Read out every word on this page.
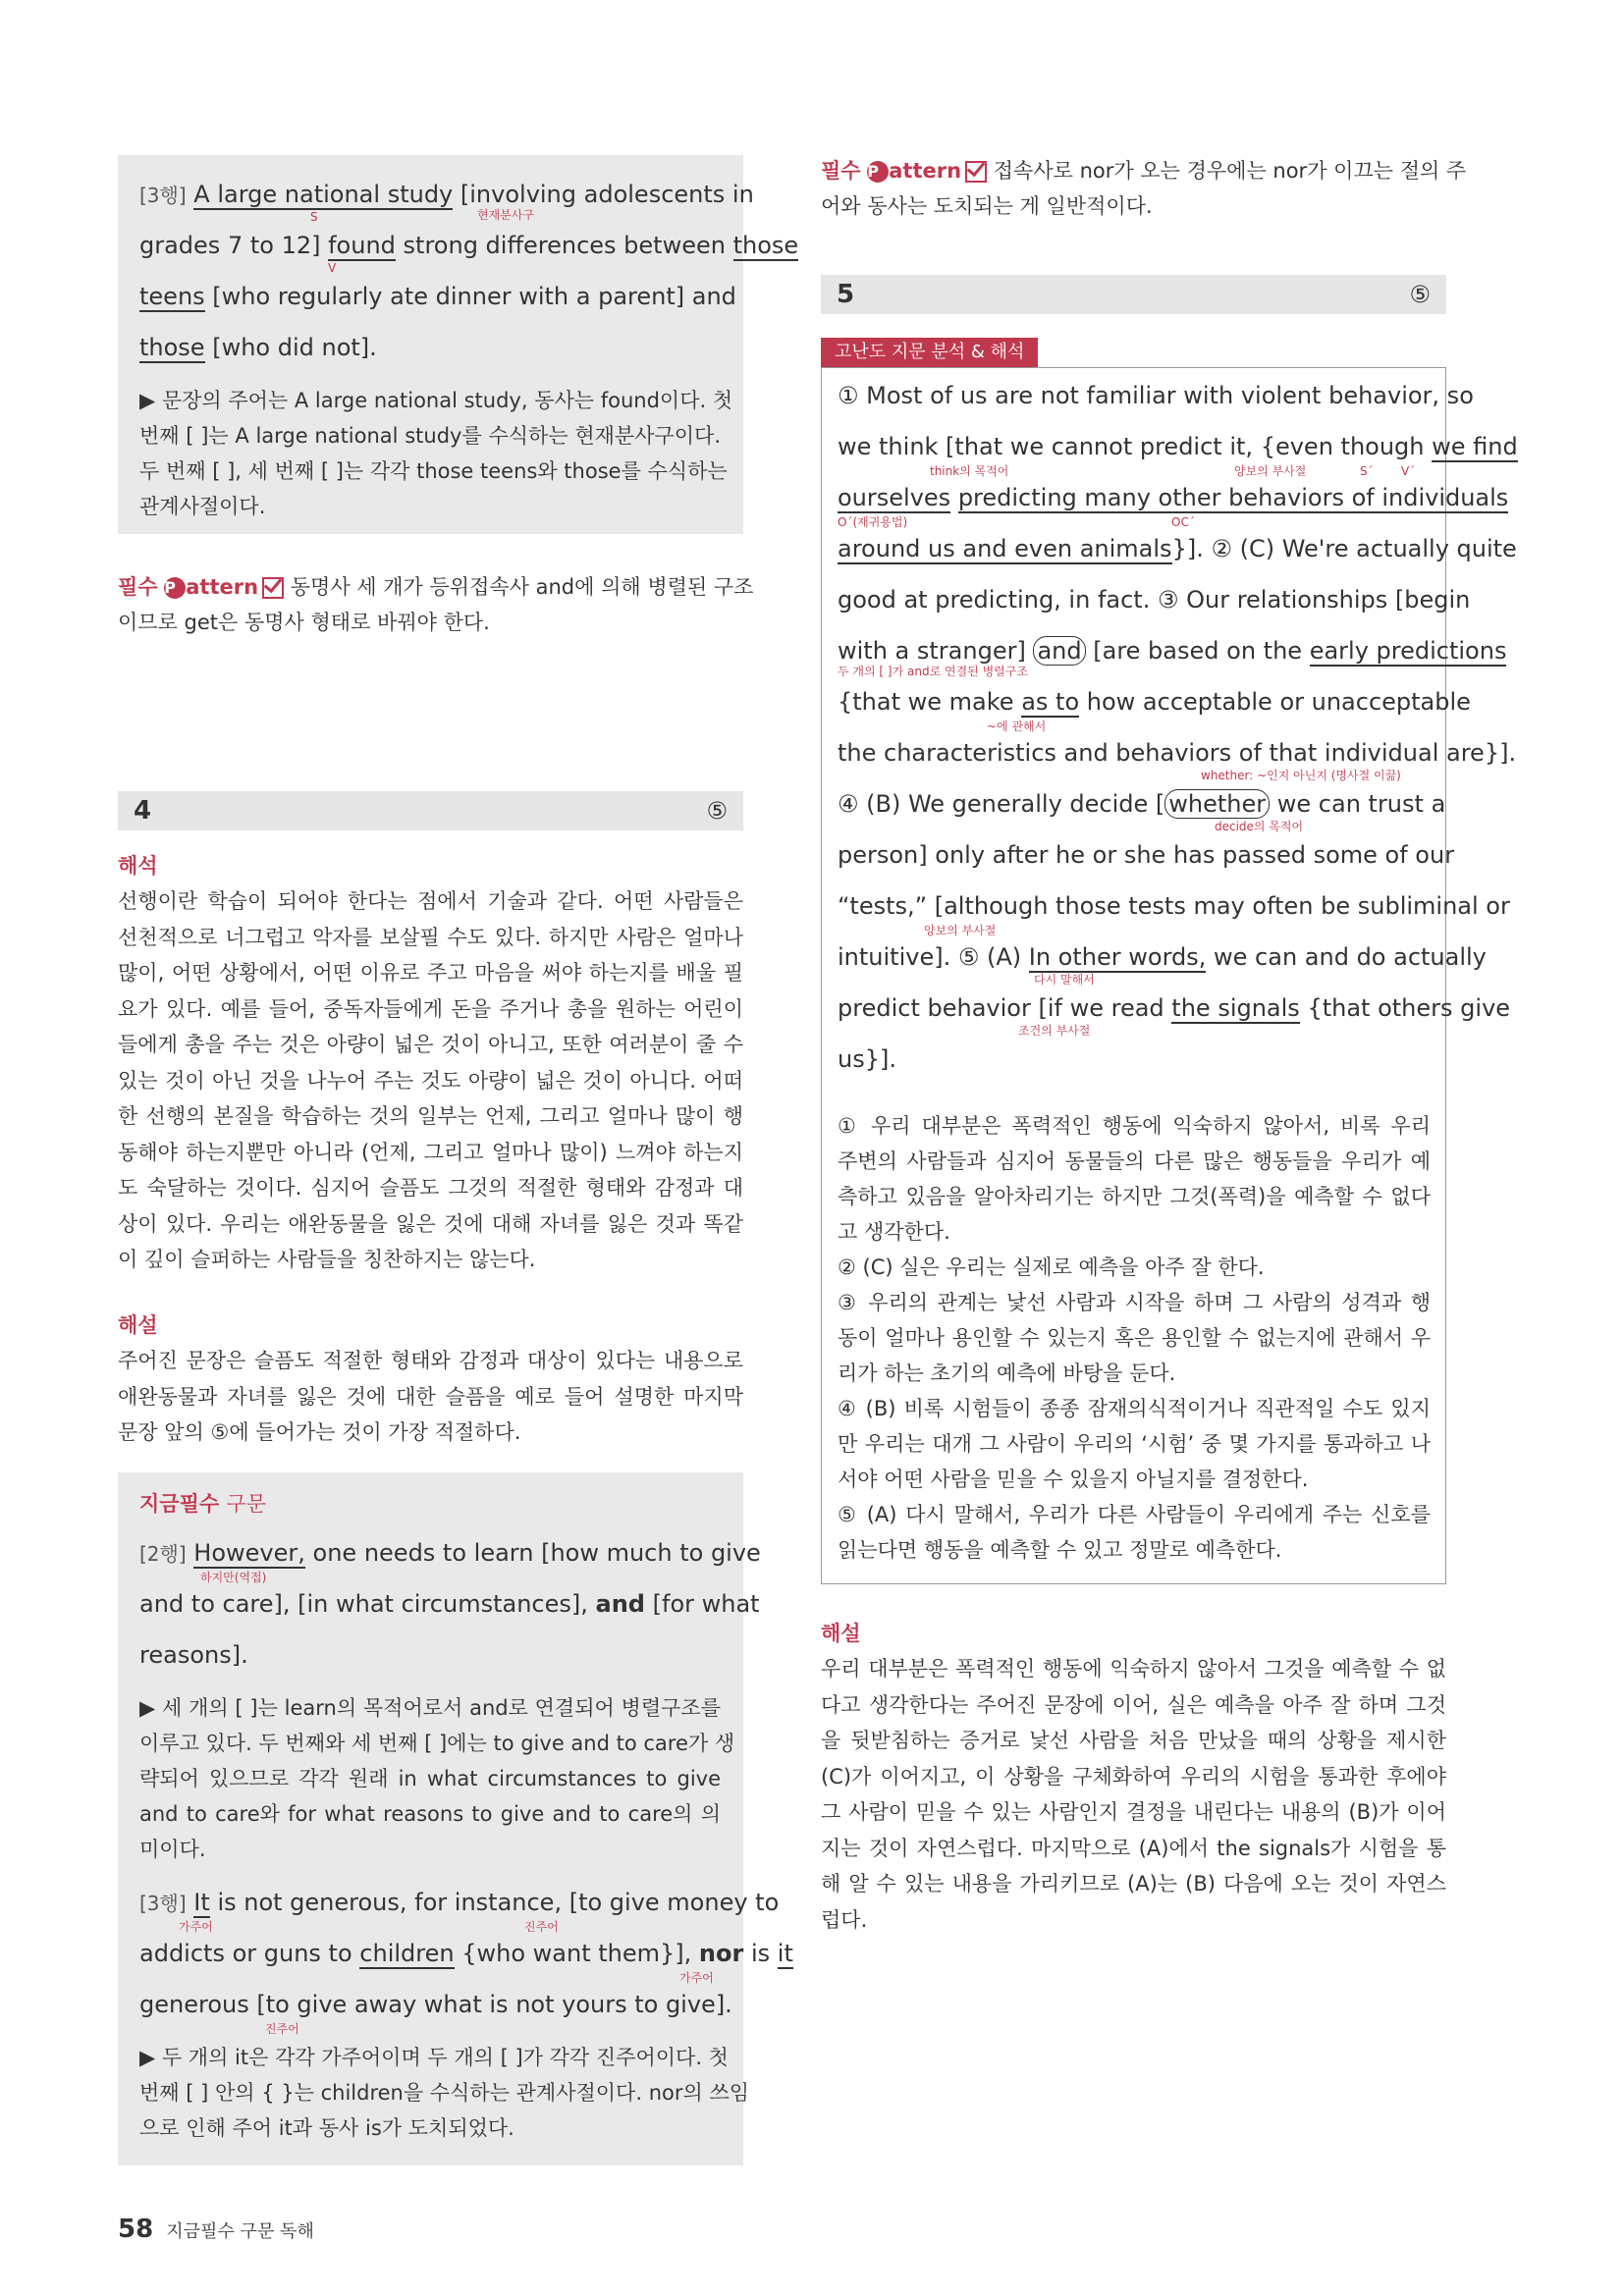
[3행] A large national study [involving adolescents in
S	현재분사구
grades 7 to 12] found strong differences between those
V
teens [who regularly ate dinner with a parent] and
those [who did not].
▶ 문장의 주어는 A large national study, 동사는 found이다. 첫
번째 [ ]는 A large national study를 수식하는 현재분사구이다.
두 번째 [ ], 세 번째 [ ]는 각각 those teens와 those를 수식하는
관계사절이다.
필수 P attern 동명사 세 개가 등위접속사 and에 의해 병렬된 구조
이므로 get은 동명사 형태로 바꿔야 한다.
4	⑤
해석
선행이란 학습이 되어야 한다는 점에서 기술과 같다. 어떤 사람들은
선천적으로 너그럽고 악자를 보살필 수도 있다. 하지만 사람은 얼마나
많이, 어떤 상황에서, 어떤 이유로 주고 마음을 써야 하는지를 배울 필
요가 있다. 예를 들어, 중독자들에게 돈을 주거나 총을 원하는 어린이
들에게 총을 주는 것은 아량이 넓은 것이 아니고, 또한 여러분이 줄 수
있는 것이 아닌 것을 나누어 주는 것도 아량이 넓은 것이 아니다. 어떠
한 선행의 본질을 학습하는 것의 일부는 언제, 그리고 얼마나 많이 행
동해야 하는지뿐만 아니라 (언제, 그리고 얼마나 많이) 느껴야 하는지
도 숙달하는 것이다. 심지어 슬픔도 그것의 적절한 형태와 감정과 대
상이 있다. 우리는 애완동물을 잃은 것에 대해 자녀를 잃은 것과 똑같
이 깊이 슬퍼하는 사람들을 칭찬하지는 않는다.
해설
주어진 문장은 슬픔도 적절한 형태와 감정과 대상이 있다는 내용으로
애완동물과 자녀를 잃은 것에 대한 슬픔을 예로 들어 설명한 마지막
문장 앞의 ⑤에 들어가는 것이 가장 적절하다.
지금필수 구문
[2행] However, one needs to learn [how much to give
하지만(역접)
and to care], [in what circumstances], and [for what
reasons].
▶ 세 개의 [ ]는 learn의 목적어로서 and로 연결되어 병렬구조를
이루고 있다. 두 번째와 세 번째 [ ]에는 to give and to care가 생
략되어 있으므로 각각 원래 in what circumstances to give
and to care와 for what reasons to give and to care의 의
미이다.
[3행] It is not generous, for instance, [to give money to
가주어	진주어
addicts or guns to children {who want them}], nor is it
가주어
generous [to give away what is not yours to give].
진주어
▶ 두 개의 it은 각각 가주어이며 두 개의 [ ]가 각각 진주어이다. 첫
번째 [ ] 안의 { }는 children을 수식하는 관계사절이다. nor의 쓰임
으로 인해 주어 it과 동사 is가 도치되었다.
필수 P attern 접속사로 nor가 오는 경우에는 nor가 이끄는 절의 주
어와 동사는 도치되는 게 일반적이다.
5	⑤
고난도 지문 분석 & 해석
① Most of us are not familiar with violent behavior, so
we think [that we cannot predict it, {even though we find
think의 목적어	양보의 부사절	S´ V´
ourselves predicting many other behaviors of individuals
O´(재귀용법)	OC´
around us and even animals}]. ② (C) We're actually quite
good at predicting, in fact. ③ Our relationships [begin
with a stranger] and [are based on the early predictions
두 개의 [ ]가 and로 연결된 병렬구조
{that we make as to how acceptable or unacceptable
~에 관해서
the characteristics and behaviors of that individual are}].
whether: ~인지 아닌지 (명사절 이끎)
④ (B) We generally decide [ whether we can trust a
decide의 목적어
person] only after he or she has passed some of our
“tests,” [although those tests may often be subliminal or
양보의 부사절
intuitive]. ⑤ (A) In other words, we can and do actually
다시 말해서
predict behavior [if we read the signals {that others give
조건의 부사절
us}].
① 우리 대부분은 폭력적인 행동에 익숙하지 않아서, 비록 우리
주변의 사람들과 심지어 동물들의 다른 많은 행동들을 우리가 예
측하고 있음을 알아차리기는 하지만 그것(폭력)을 예측할 수 없다
고 생각한다.
② (C) 실은 우리는 실제로 예측을 아주 잘 한다.
③ 우리의 관계는 낯선 사람과 시작을 하며 그 사람의 성격과 행
동이 얼마나 용인할 수 있는지 혹은 용인할 수 없는지에 관해서 우
리가 하는 초기의 예측에 바탕을 둔다.
④ (B) 비록 시험들이 종종 잠재의식적이거나 직관적일 수도 있지
만 우리는 대개 그 사람이 우리의 ‘시험’ 중 몇 가지를 통과하고 나
서야 어떤 사람을 믿을 수 있을지 아닐지를 결정한다.
⑤ (A) 다시 말해서, 우리가 다른 사람들이 우리에게 주는 신호를
읽는다면 행동을 예측할 수 있고 정말로 예측한다.
해설
우리 대부분은 폭력적인 행동에 익숙하지 않아서 그것을 예측할 수 없
다고 생각한다는 주어진 문장에 이어, 실은 예측을 아주 잘 하며 그것
을 뒷받침하는 증거로 낯선 사람을 처음 만났을 때의 상황을 제시한
(C)가 이어지고, 이 상황을 구체화하여 우리의 시험을 통과한 후에야
그 사람이 믿을 수 있는 사람인지 결정을 내린다는 내용의 (B)가 이어
지는 것이 자연스럽다. 마지막으로 (A)에서 the signals가 시험을 통
해 알 수 있는 내용을 가리키므로 (A)는 (B) 다음에 오는 것이 자연스
럽다.
58 지금필수 구문 독해
